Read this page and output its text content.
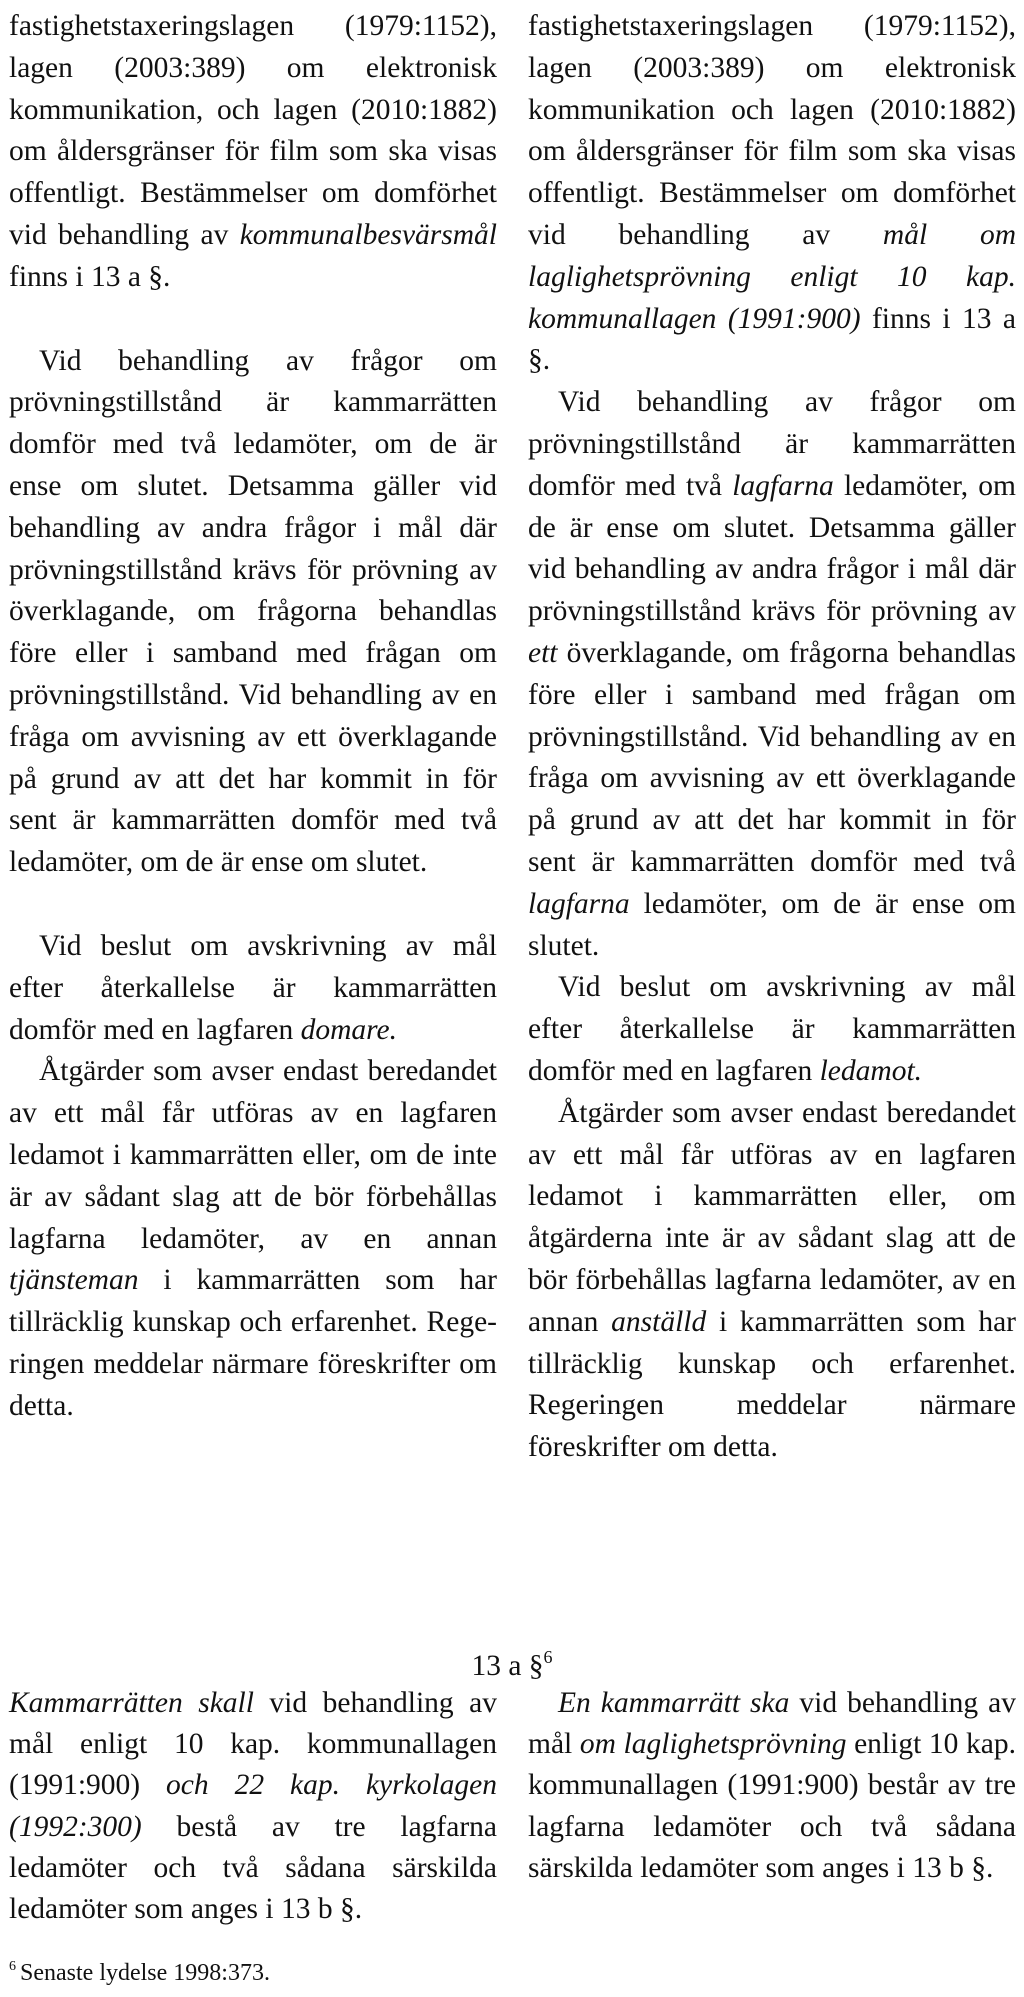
fastighetstaxeringslagen (1979:1152), lagen (2003:389) om elektronisk kommunikation, och lagen (2010:1882) om åldersgränser för film som ska visas offentligt. Bestämmelser om domförhet vid behandling av kommunalbesvärsmål finns i 13 a §.

Vid behandling av frågor om prövningstillstånd är kammarrätten domför med två ledamöter, om de är ense om slutet. Detsamma gäller vid behandling av andra frågor i mål där prövningstillstånd krävs för prövning av överklagande, om frågorna behandlas före eller i samband med frågan om prövningstillstånd. Vid behandling av en fråga om avvisning av ett överklagande på grund av att det har kommit in för sent är kammarrätten domför med två ledamöter, om de är ense om slutet.

Vid beslut om avskrivning av mål efter återkallelse är kammarrätten domför med en lagfaren domare.

Åtgärder som avser endast beredandet av ett mål får utföras av en lagfaren ledamot i kammarrätten eller, om de inte är av sådant slag att de bör förbehållas lagfarna ledamöter, av en annan tjänsteman i kammarrätten som har tillräcklig kunskap och erfarenhet. Regeringen meddelar närmare föreskrifter om detta.

fastighetstaxeringslagen (1979:1152), lagen (2003:389) om elektronisk kommunikation och lagen (2010:1882) om åldersgränser för film som ska visas offentligt. Bestämmelser om domförhet vid behandling av mål om laglighetsprövning enligt 10 kap. kommunallagen (1991:900) finns i 13 a §.

Vid behandling av frågor om prövningstillstånd är kammarrätten domför med två lagfarna ledamöter, om de är ense om slutet. Detsamma gäller vid behandling av andra frågor i mål där prövningstillstånd krävs för prövning av ett överklagande, om frågorna behandlas före eller i samband med frågan om prövningstillstånd. Vid behandling av en fråga om avvisning av ett överklagande på grund av att det har kommit in för sent är kammarrätten domför med två lagfarna ledamöter, om de är ense om slutet.

Vid beslut om avskrivning av mål efter återkallelse är kammarrätten domför med en lagfaren ledamot.

Åtgärder som avser endast beredandet av ett mål får utföras av en lagfaren ledamot i kammarrätten eller, om åtgärderna inte är av sådant slag att de bör förbehållas lagfarna ledamöter, av en annan anställd i kammarrätten som har tillräcklig kunskap och erfarenhet. Regeringen meddelar närmare föreskrifter om detta.

13 a §$^6$

Kammarrätten skall vid behandling av mål enligt 10 kap. kommunallagen (1991:900) och 22 kap. kyrkolagen (1992:300) bestå av tre lagfarna ledamöter och två sådana särskilda ledamöter som anges i 13 b §.

En kammarrätt ska vid behandling av mål om laglighetsprövning enligt 10 kap. kommunallagen (1991:900) består av tre lagfarna ledamöter och två sådana särskilda ledamöter som anges i 13 b §.

$^6$ Senaste lydelse 1998:373.
